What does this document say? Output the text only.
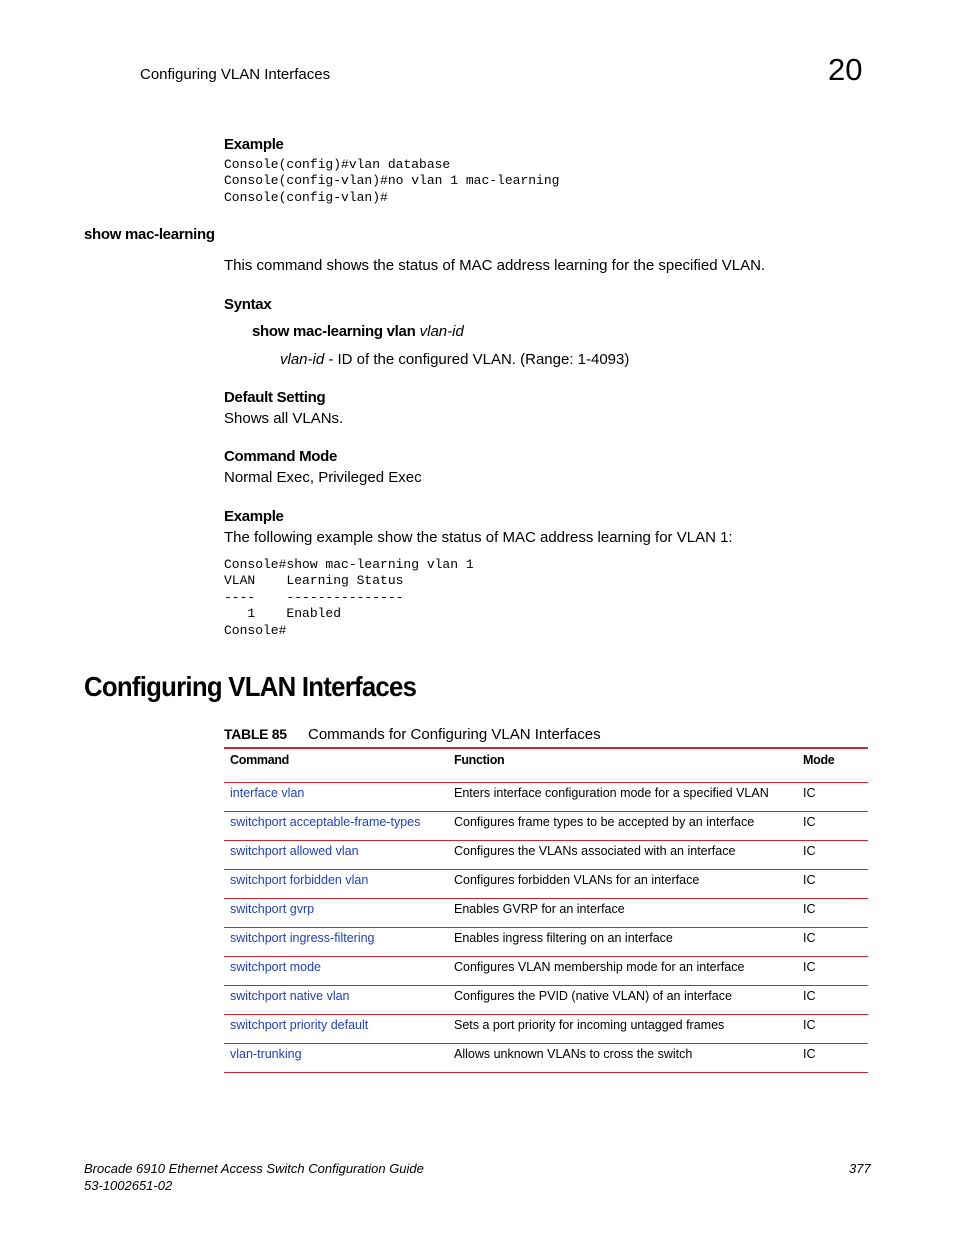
Configuring VLAN Interfaces	20
Example
Console(config)#vlan database
Console(config-vlan)#no vlan 1 mac-learning
Console(config-vlan)#
show mac-learning
This command shows the status of MAC address learning for the specified VLAN.
Syntax
show mac-learning vlan vlan-id
vlan-id - ID of the configured VLAN. (Range: 1-4093)
Default Setting
Shows all VLANs.
Command Mode
Normal Exec, Privileged Exec
Example
The following example show the status of MAC address learning for VLAN 1:
Console#show mac-learning vlan 1
VLAN    Learning Status
----    ---------------
1    Enabled
Console#
Configuring VLAN Interfaces
TABLE 85 Commands for Configuring VLAN Interfaces
Command	Function	Mode
interface vlan	Enters interface configuration mode for a specified VLAN	IC
switchport acceptable-frame-types	Configures frame types to be accepted by an interface	IC
switchport allowed vlan	Configures the VLANs associated with an interface	IC
switchport forbidden vlan	Configures forbidden VLANs for an interface	IC
switchport gvrp	Enables GVRP for an interface	IC
switchport ingress-filtering	Enables ingress filtering on an interface	IC
switchport mode	Configures VLAN membership mode for an interface	IC
switchport native vlan	Configures the PVID (native VLAN) of an interface	IC
switchport priority default	Sets a port priority for incoming untagged frames	IC
vlan-trunking	Allows unknown VLANs to cross the switch	IC
Brocade 6910 Ethernet Access Switch Configuration Guide
53-1002651-02
377
